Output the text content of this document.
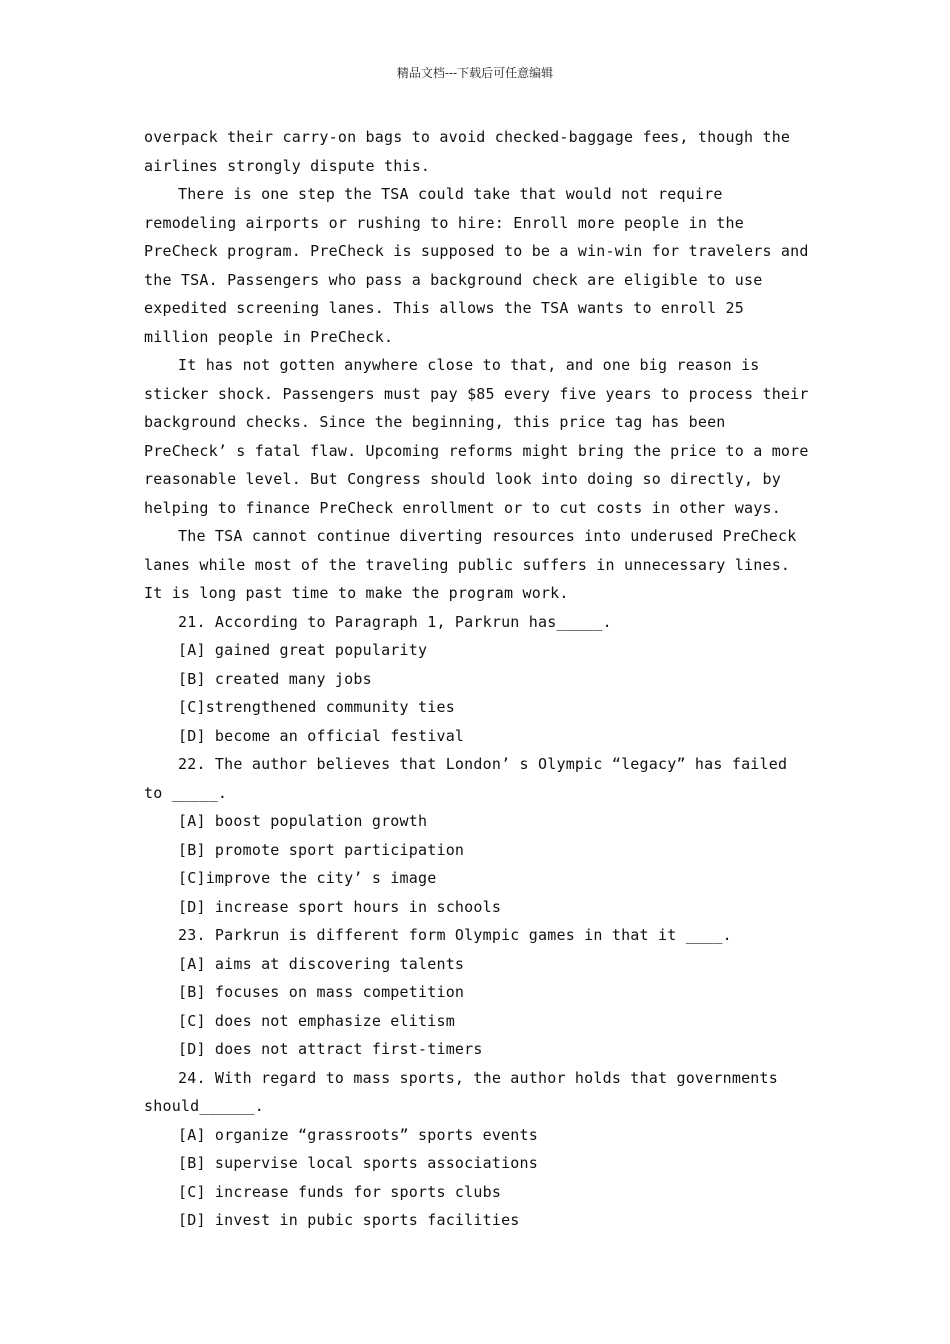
精品文档---下载后可任意编辑

overpack their carry-on bags to avoid checked-baggage fees, though the airlines strongly dispute this.

There is one step the TSA could take that would not require remodeling airports or rushing to hire: Enroll more people in the PreCheck program. PreCheck is supposed to be a win-win for travelers and the TSA. Passengers who pass a background check are eligible to use expedited screening lanes. This allows the TSA wants to enroll 25 million people in PreCheck.

It has not gotten anywhere close to that, and one big reason is sticker shock. Passengers must pay $85 every five years to process their background checks. Since the beginning, this price tag has been PreCheck’ s fatal flaw. Upcoming reforms might bring the price to a more reasonable level. But Congress should look into doing so directly, by helping to finance PreCheck enrollment or to cut costs in other ways.

The TSA cannot continue diverting resources into underused PreCheck lanes while most of the traveling public suffers in unnecessary lines. It is long past time to make the program work.

21. According to Paragraph 1, Parkrun has_____.

[A] gained great popularity

[B] created many jobs

[C]strengthened community ties

[D] become an official festival

22. The author believes that London’ s Olympic “legacy” has failed to _____.

[A] boost population growth

[B] promote sport participation

[C]improve the city’ s image

[D] increase sport hours in schools

23. Parkrun is different form Olympic games in that it ____.

[A] aims at discovering talents

[B] focuses on mass competition

[C] does not emphasize elitism

[D] does not attract first-timers

24. With regard to mass sports, the author holds that governments should______.

[A] organize “grassroots” sports events

[B] supervise local sports associations

[C] increase funds for sports clubs

[D] invest in pubic sports facilities
